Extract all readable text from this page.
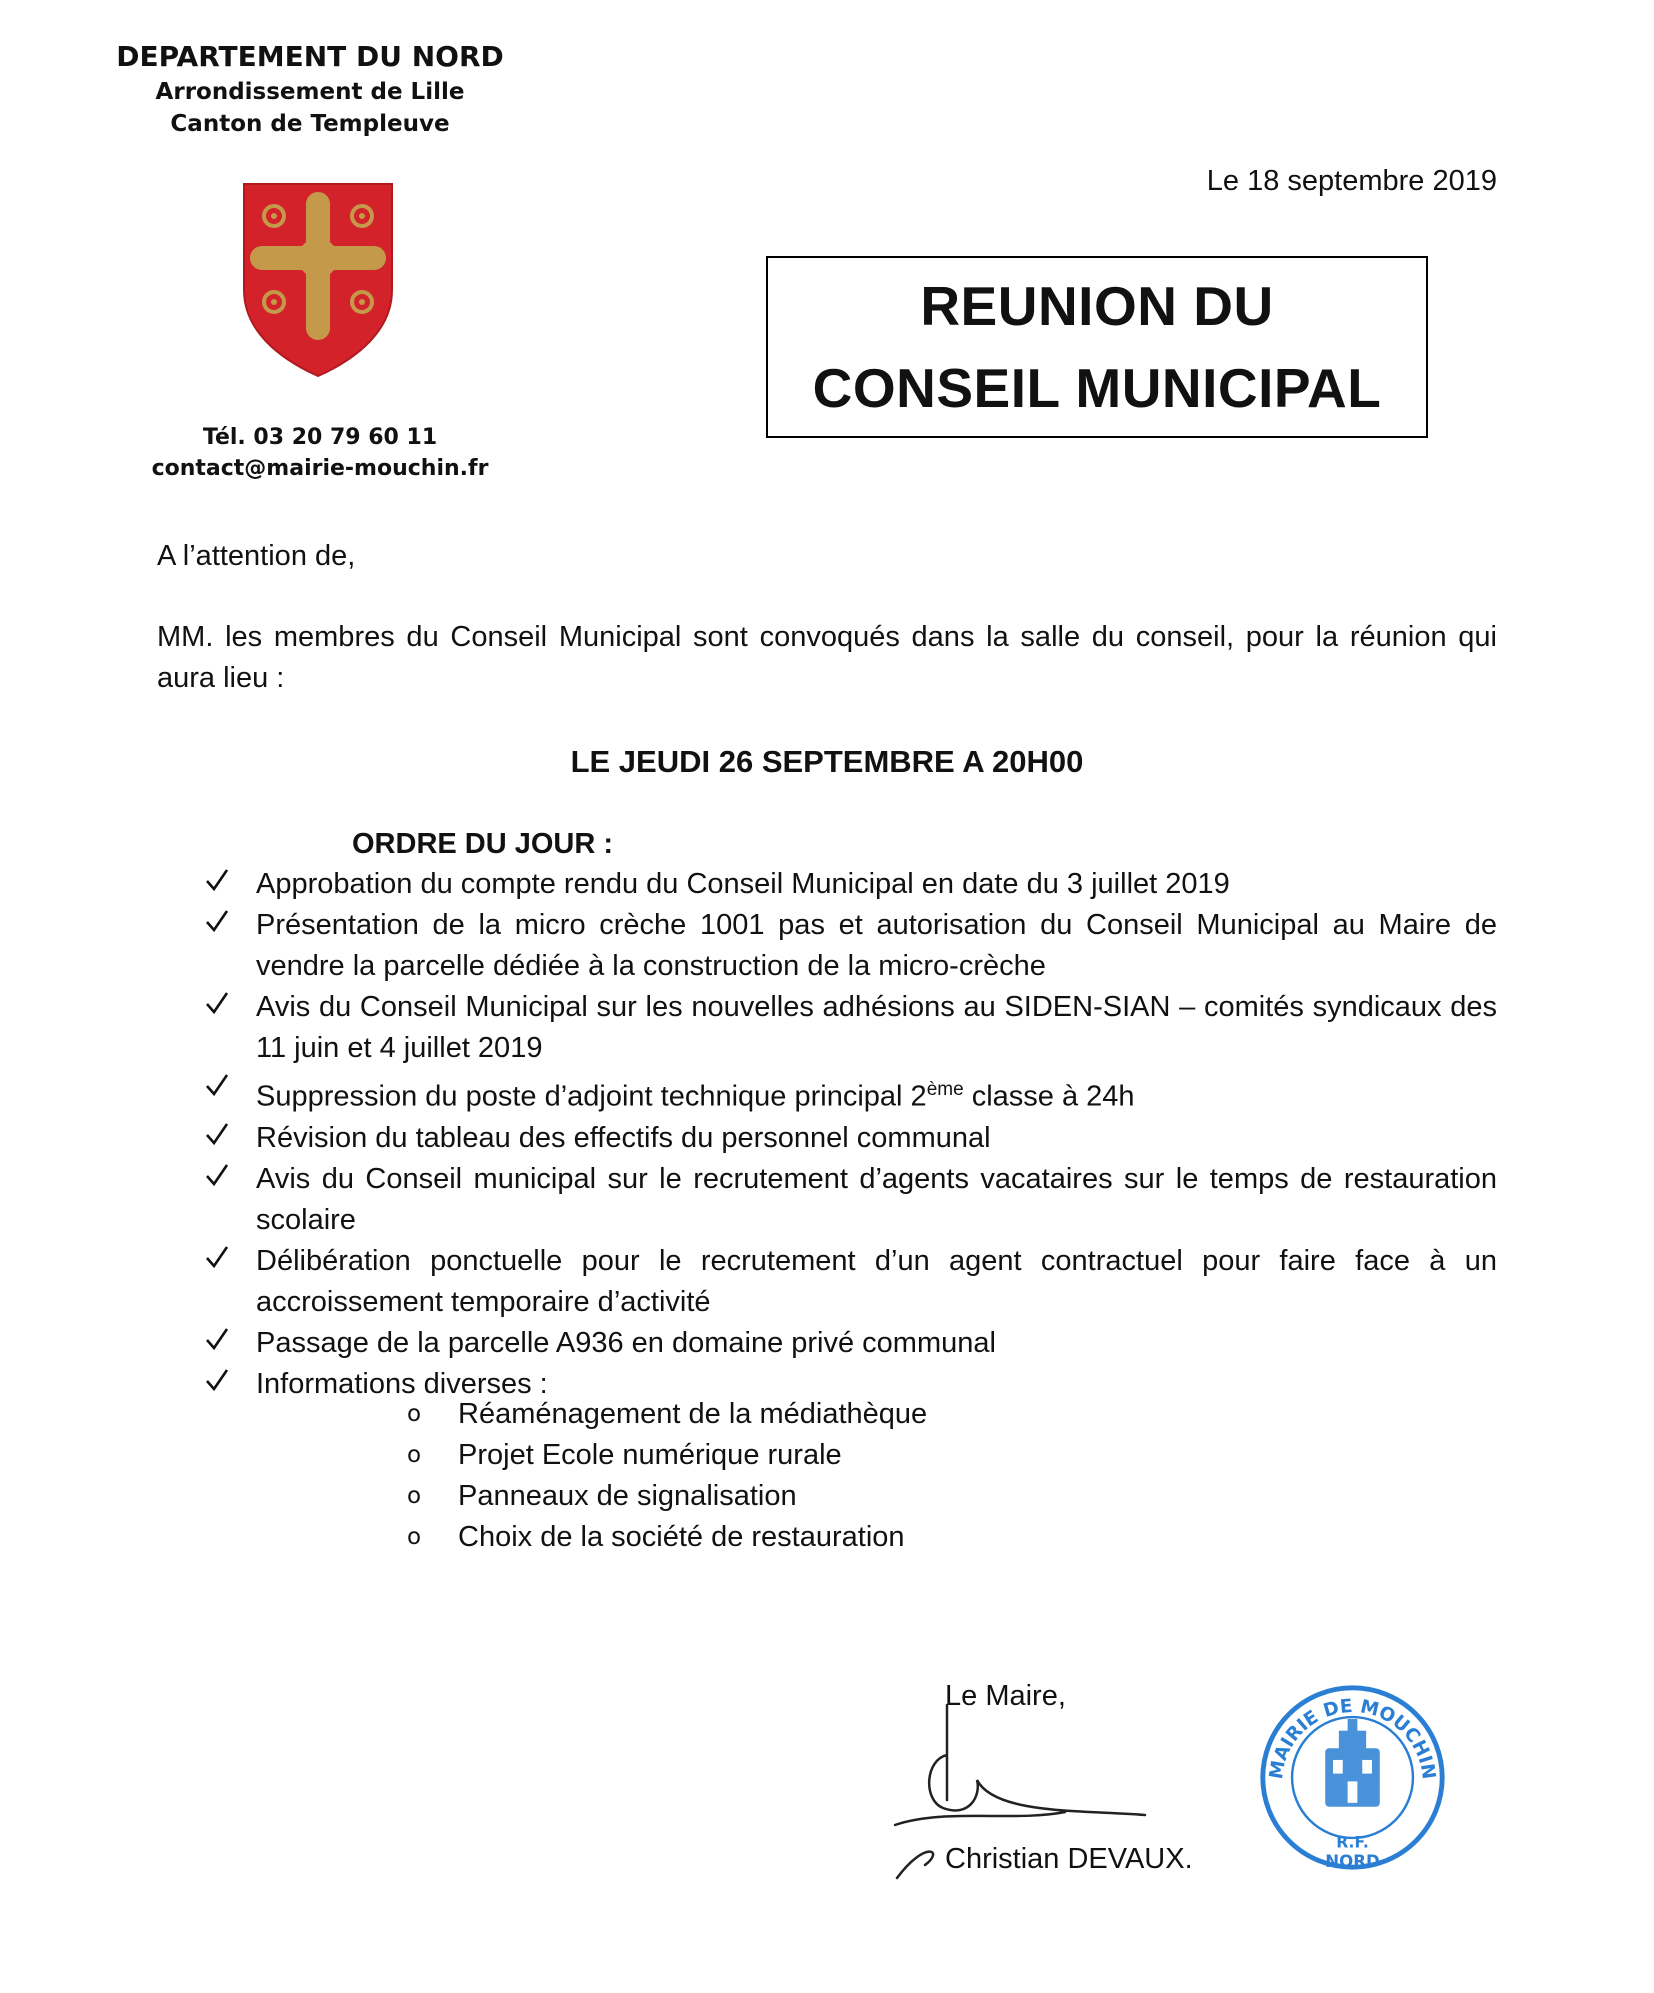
DEPARTEMENT DU NORD
Arrondissement de Lille
Canton de Templeuve
Tél. 03 20 79 60 11
contact@mairie-mouchin.fr
Le 18 septembre 2019
REUNION DU
CONSEIL MUNICIPAL
A l’attention de,
MM. les membres du Conseil Municipal sont convoqués dans la salle du conseil, pour la réunion qui aura lieu :
LE JEUDI 26 SEPTEMBRE A 20H00
ORDRE DU JOUR :
Approbation du compte rendu du Conseil Municipal en date du 3 juillet 2019
Présentation de la micro crèche 1001 pas et autorisation du Conseil Municipal au Maire de vendre la parcelle dédiée à la construction de la micro-crèche
Avis du Conseil Municipal sur les nouvelles adhésions au SIDEN-SIAN – comités syndicaux des 11 juin et 4 juillet 2019
Suppression du poste d’adjoint technique principal 2ème classe à 24h
Révision du tableau des effectifs du personnel communal
Avis du Conseil municipal sur le recrutement d’agents vacataires sur le temps de restauration scolaire
Délibération ponctuelle pour le recrutement d’un agent contractuel pour faire face à un accroissement temporaire d’activité
Passage de la parcelle A936 en domaine privé communal
Informations diverses :
o Réaménagement de la médiathèque
o Projet Ecole numérique rurale
o Panneaux de signalisation
o Choix de la société de restauration
Le Maire,
Christian DEVAUX.
MAIRIE DE MOUCHIN
R.F.
NORD
